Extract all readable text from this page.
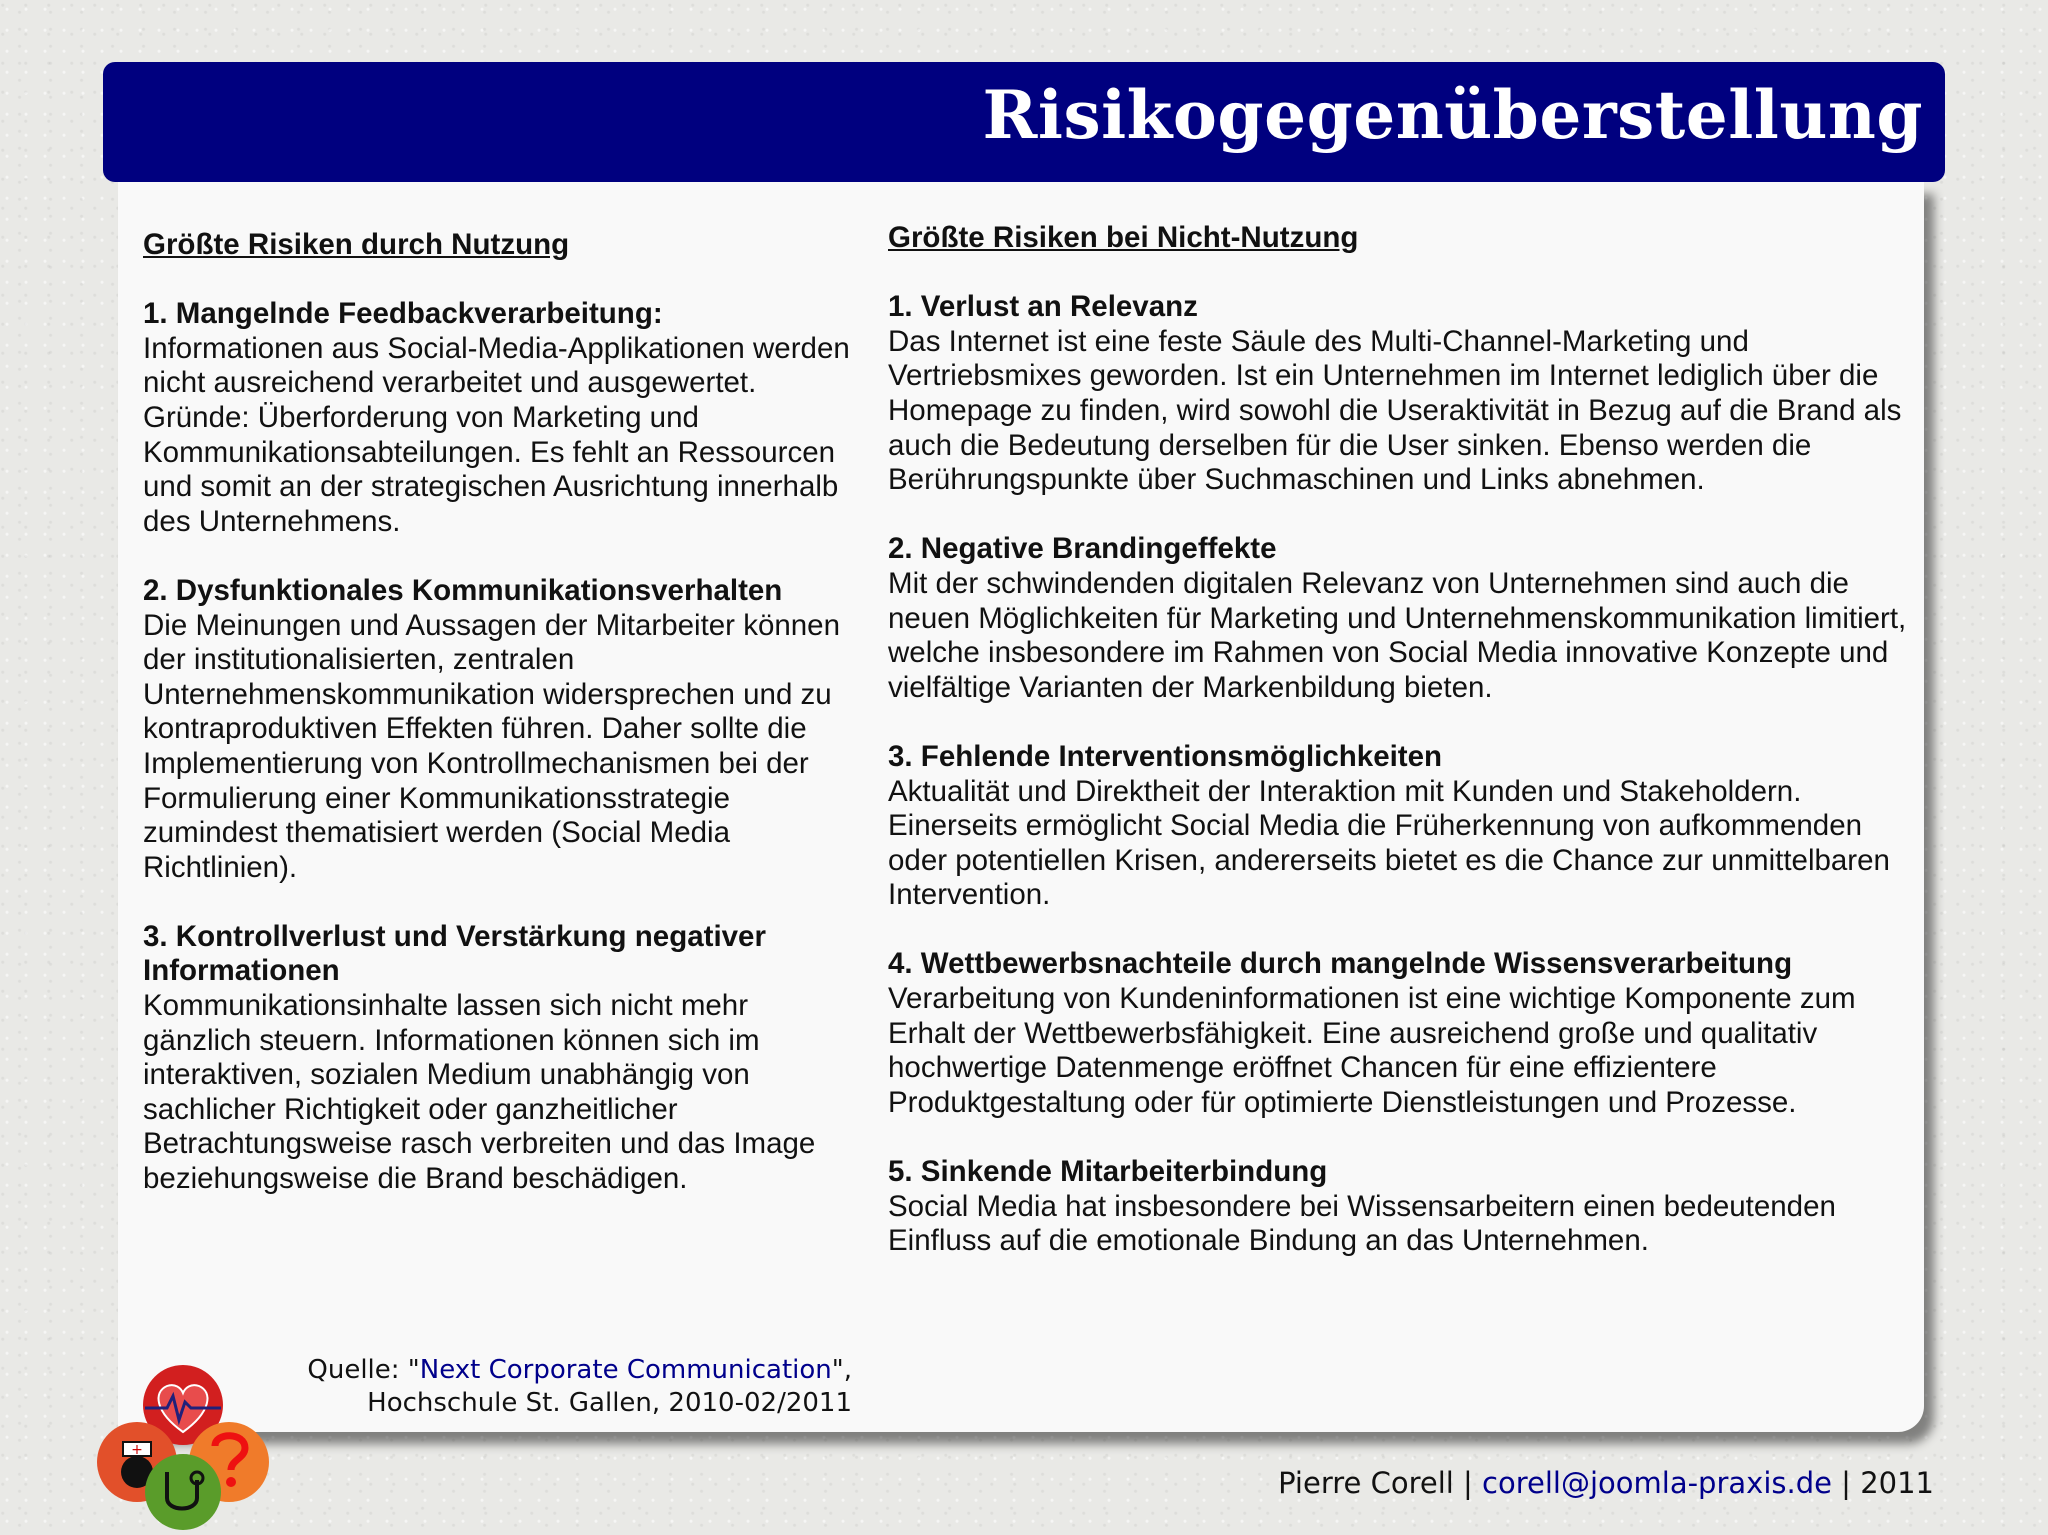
Risikogegenüberstellung
Größte Risiken durch Nutzung
1. Mangelnde Feedbackverarbeitung:
Informationen aus Social-Media-Applikationen werden nicht ausreichend verarbeitet und ausgewertet. Gründe: Überforderung von Marketing und Kommunikationsabteilungen. Es fehlt an Ressourcen und somit an der strategischen Ausrichtung innerhalb des Unternehmens.
2. Dysfunktionales Kommunikationsverhalten
Die Meinungen und Aussagen der Mitarbeiter können der institutionalisierten, zentralen Unternehmenskommunikation widersprechen und zu kontraproduktiven Effekten führen. Daher sollte die Implementierung von Kontrollmechanismen bei der Formulierung einer Kommunikationsstrategie zumindest thematisiert werden (Social Media Richtlinien).
3. Kontrollverlust und Verstärkung negativer Informationen
Kommunikationsinhalte lassen sich nicht mehr gänzlich steuern. Informationen können sich im interaktiven, sozialen Medium unabhängig von sachlicher Richtigkeit oder ganzheitlicher Betrachtungsweise rasch verbreiten und das Image beziehungsweise die Brand beschädigen.
Größte Risiken bei Nicht-Nutzung
1. Verlust an Relevanz
Das Internet ist eine feste Säule des Multi-Channel-Marketing und Vertriebsmixes geworden. Ist ein Unternehmen im Internet lediglich über die Homepage zu finden, wird sowohl die Useraktivität in Bezug auf die Brand als auch die Bedeutung derselben für die User sinken. Ebenso werden die Berührungspunkte über Suchmaschinen und Links abnehmen.
2. Negative Brandingeffekte
Mit der schwindenden digitalen Relevanz von Unternehmen sind auch die neuen Möglichkeiten für Marketing und Unternehmenskommunikation limitiert, welche insbesondere im Rahmen von Social Media innovative Konzepte und vielfältige Varianten der Markenbildung bieten.
3. Fehlende Interventionsmöglichkeiten
Aktualität und Direktheit der Interaktion mit Kunden und Stakeholdern. Einerseits ermöglicht Social Media die Früherkennung von aufkommenden oder potentiellen Krisen, andererseits bietet es die Chance zur unmittelbaren Intervention.
4. Wettbewerbsnachteile durch mangelnde Wissensverarbeitung
Verarbeitung von Kundeninformationen ist eine wichtige Komponente zum Erhalt der Wettbewerbsfähigkeit. Eine ausreichend große und qualitativ hochwertige Datenmenge eröffnet Chancen für eine effizientere Produktgestaltung oder für optimierte Dienstleistungen und Prozesse.
5. Sinkende Mitarbeiterbindung
Social Media hat insbesondere bei Wissensarbeitern einen bedeutenden Einfluss auf die emotionale Bindung an das Unternehmen.
Quelle: "Next Corporate Communication",
Hochschule St. Gallen, 2010-02/2011
+
Pierre Corell | corell@joomla-praxis.de | 2011
